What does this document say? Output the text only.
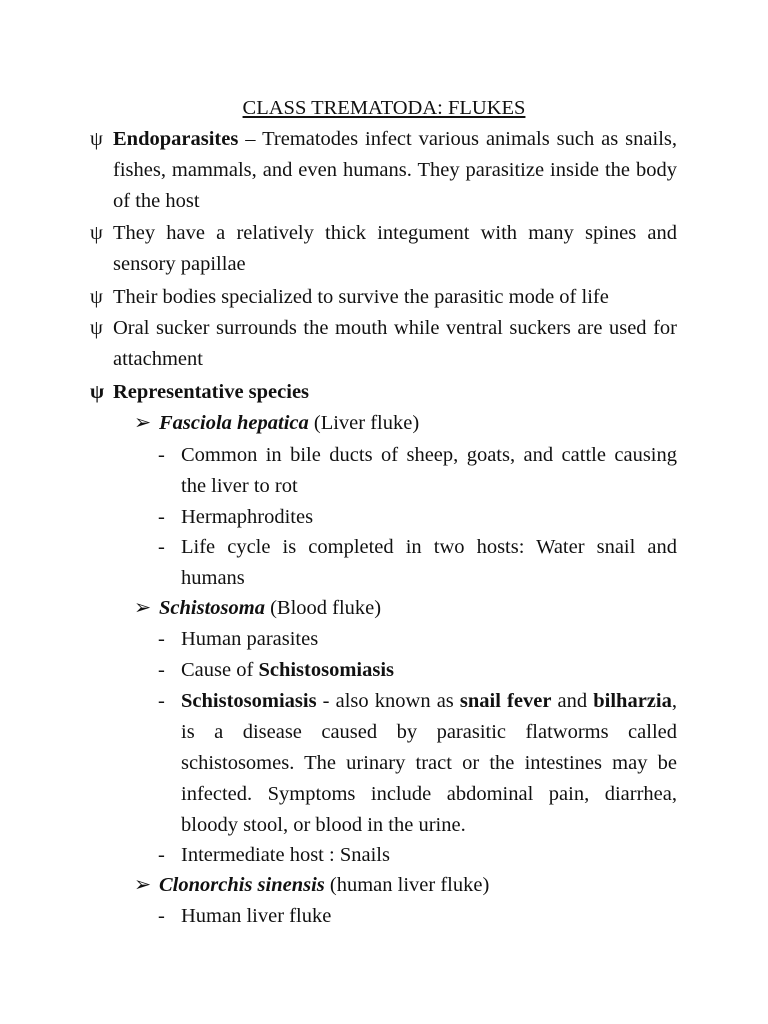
CLASS TREMATODA: FLUKES
ψ Endoparasites – Trematodes infect various animals such as snails, fishes, mammals, and even humans. They parasitize inside the body of the host
ψ They have a relatively thick integument with many spines and sensory papillae
ψ Their bodies specialized to survive the parasitic mode of life
ψ Oral sucker surrounds the mouth while ventral suckers are used for attachment
ψ Representative species
➢ Fasciola hepatica (Liver fluke)
- Common in bile ducts of sheep, goats, and cattle causing the liver to rot
- Hermaphrodites
- Life cycle is completed in two hosts: Water snail and humans
➢ Schistosoma (Blood fluke)
- Human parasites
- Cause of Schistosomiasis
- Schistosomiasis - also known as snail fever and bilharzia, is a disease caused by parasitic flatworms called schistosomes. The urinary tract or the intestines may be infected. Symptoms include abdominal pain, diarrhea, bloody stool, or blood in the urine.
- Intermediate host : Snails
➢ Clonorchis sinensis (human liver fluke)
- Human liver fluke
